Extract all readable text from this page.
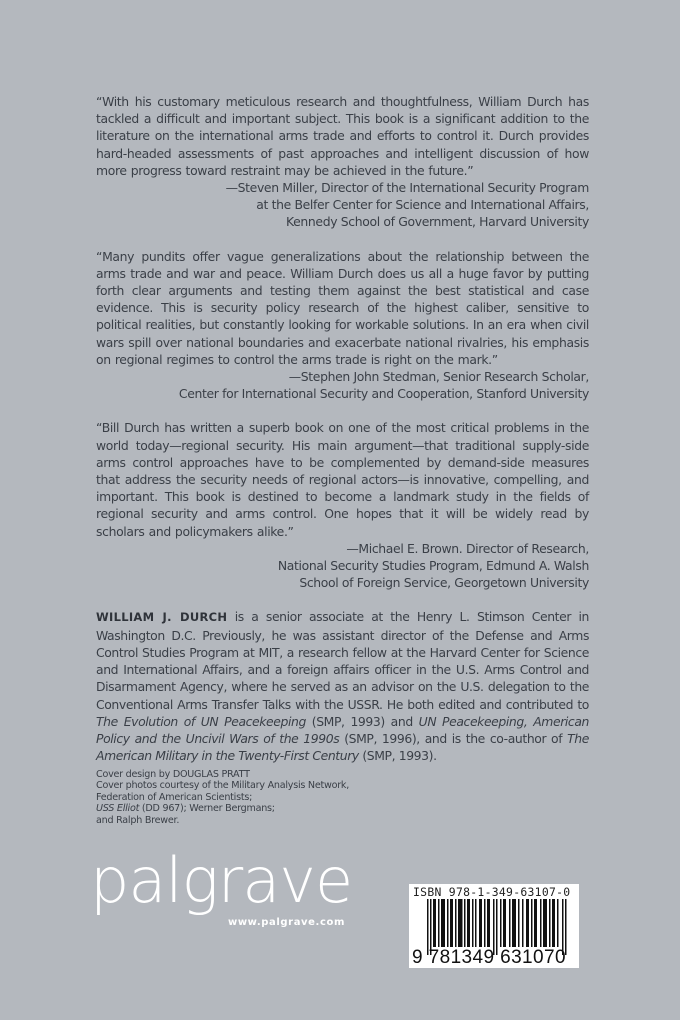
“With his customary meticulous research and thoughtfulness, William Durch has tackled a difficult and important subject. This book is a significant addition to the literature on the international arms trade and efforts to control it. Durch provides hard-headed assessments of past approaches and intelligent discussion of how more progress toward restraint may be achieved in the future.”

—Steven Miller, Director of the International Security Program

at the Belfer Center for Science and International Affairs,

Kennedy School of Government, Harvard University

“Many pundits offer vague generalizations about the relationship between the arms trade and war and peace. William Durch does us all a huge favor by putting forth clear arguments and testing them against the best statistical and case evidence. This is security policy research of the highest caliber, sensitive to political realities, but constantly looking for workable solutions. In an era when civil wars spill over national boundaries and exacerbate national rivalries, his emphasis on regional regimes to control the arms trade is right on the mark.”

—Stephen John Stedman, Senior Research Scholar,

Center for International Security and Cooperation, Stanford University

“Bill Durch has written a superb book on one of the most critical problems in the world today—regional security. His main argument—that traditional supply-side arms control approaches have to be complemented by demand-side measures that address the security needs of regional actors—is innovative, compelling, and important. This book is destined to become a landmark study in the fields of regional security and arms control. One hopes that it will be widely read by scholars and policymakers alike.”

—Michael E. Brown. Director of Research,

National Security Studies Program, Edmund A. Walsh

School of Foreign Service, Georgetown University

WILLIAM J. DURCH is a senior associate at the Henry L. Stimson Center in Washington D.C. Previously, he was assistant director of the Defense and Arms Control Studies Program at MIT, a research fellow at the Harvard Center for Science and International Affairs, and a foreign affairs officer in the U.S. Arms Control and Disarmament Agency, where he served as an advisor on the U.S. delegation to the Conventional Arms Transfer Talks with the USSR. He both edited and contributed to The Evolution of UN Peacekeeping (SMP, 1993) and UN Peacekeeping, American Policy and the Uncivil Wars of the 1990s (SMP, 1996), and is the co-author of The American Military in the Twenty-First Century (SMP, 1993).

Cover design by DOUGLAS PRATT
Cover photos courtesy of the Military Analysis Network,
Federation of American Scientists;
USS Elliot (DD 967); Werner Bergmans;
and Ralph Brewer.
palgrave
www.palgrave.com
ISBN 978-1-349-63107-0
9 781349 631070
